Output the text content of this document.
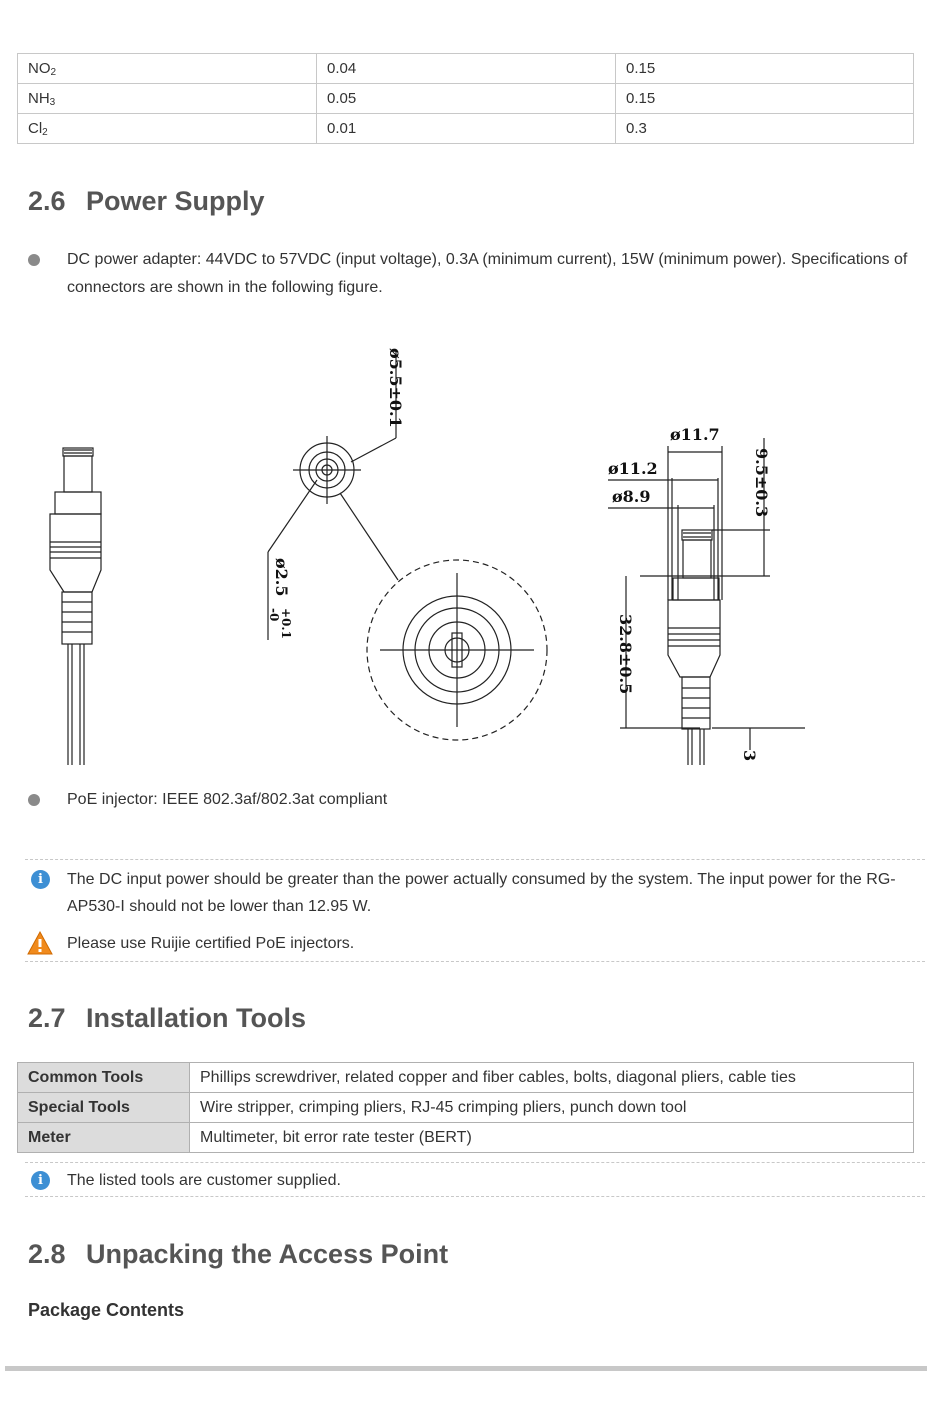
$NO_2$	0.04	0.15
$NH_3$	0.05	0.15
$Cl_2$	0.01	0.3
2.6 Power Supply
DC power adapter: 44VDC to 57VDC (input voltage), 0.3A (minimum current), 15W (minimum power). Specifications of connectors are shown in the following figure.
ø5.5±0.1
ø2.5
+0.1
-0
ø11.7
ø11.2
ø8.9	9.5±0.3
32.8±0.5
3
PoE injector: IEEE 802.3af/802.3at compliant
i	The DC input power should be greater than the power actually consumed by the system. The input power for the RG-AP530-I should not be lower than 12.95 W.
Please use Ruijie certified PoE injectors.
2.7 Installation Tools
Common Tools	Phillips screwdriver, related copper and fiber cables, bolts, diagonal pliers, cable ties
Special Tools	Wire stripper, crimping pliers, RJ-45 crimping pliers, punch down tool
Meter	Multimeter, bit error rate tester (BERT)
i	The listed tools are customer supplied.
2.8 Unpacking the Access Point
Package Contents
